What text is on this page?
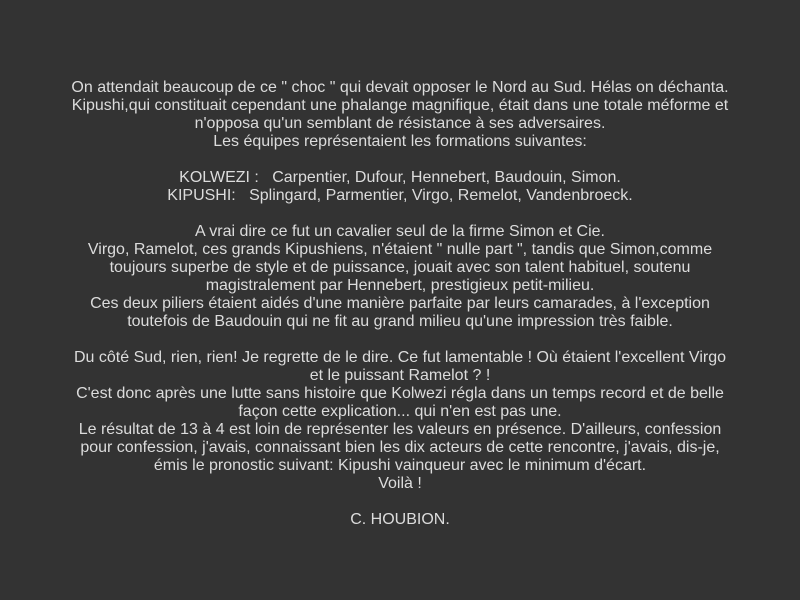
On attendait beaucoup de ce " choc " qui devait opposer le Nord au Sud. Hélas on déchanta.
Kipushi,qui constituait cependant une phalange magnifique, était dans une totale méforme et
n'opposa qu'un semblant de résistance à ses adversaires.
Les équipes représentaient les formations suivantes:
KOLWEZI :   Carpentier, Dufour, Hennebert, Baudouin, Simon.
KIPUSHI:   Splingard, Parmentier, Virgo, Remelot, Vandenbroeck.
A vrai dire ce fut un cavalier seul de la firme Simon et Cie.
Virgo, Ramelot, ces grands Kipushiens, n'étaient " nulle part ", tandis que Simon,comme
toujours superbe de style et de puissance, jouait avec son talent habituel, soutenu
magistralement par Hennebert, prestigieux petit-milieu.
Ces deux piliers étaient aidés d'une manière parfaite par leurs camarades, à l'exception
toutefois de Baudouin qui ne fit au grand milieu qu'une impression très faible.
Du côté Sud, rien, rien! Je regrette de le dire. Ce fut lamentable ! Où étaient l'excellent Virgo
et le puissant Ramelot ? !
C'est donc après une lutte sans histoire que Kolwezi régla dans un temps record et de belle
façon cette explication... qui n'en est pas une.
Le résultat de 13 à 4 est loin de représenter les valeurs en présence. D'ailleurs, confession
pour confession, j'avais, connaissant bien les dix acteurs de cette rencontre, j'avais, dis-je,
émis le pronostic suivant: Kipushi vainqueur avec le minimum d'écart.
Voilà !
C. HOUBION.
